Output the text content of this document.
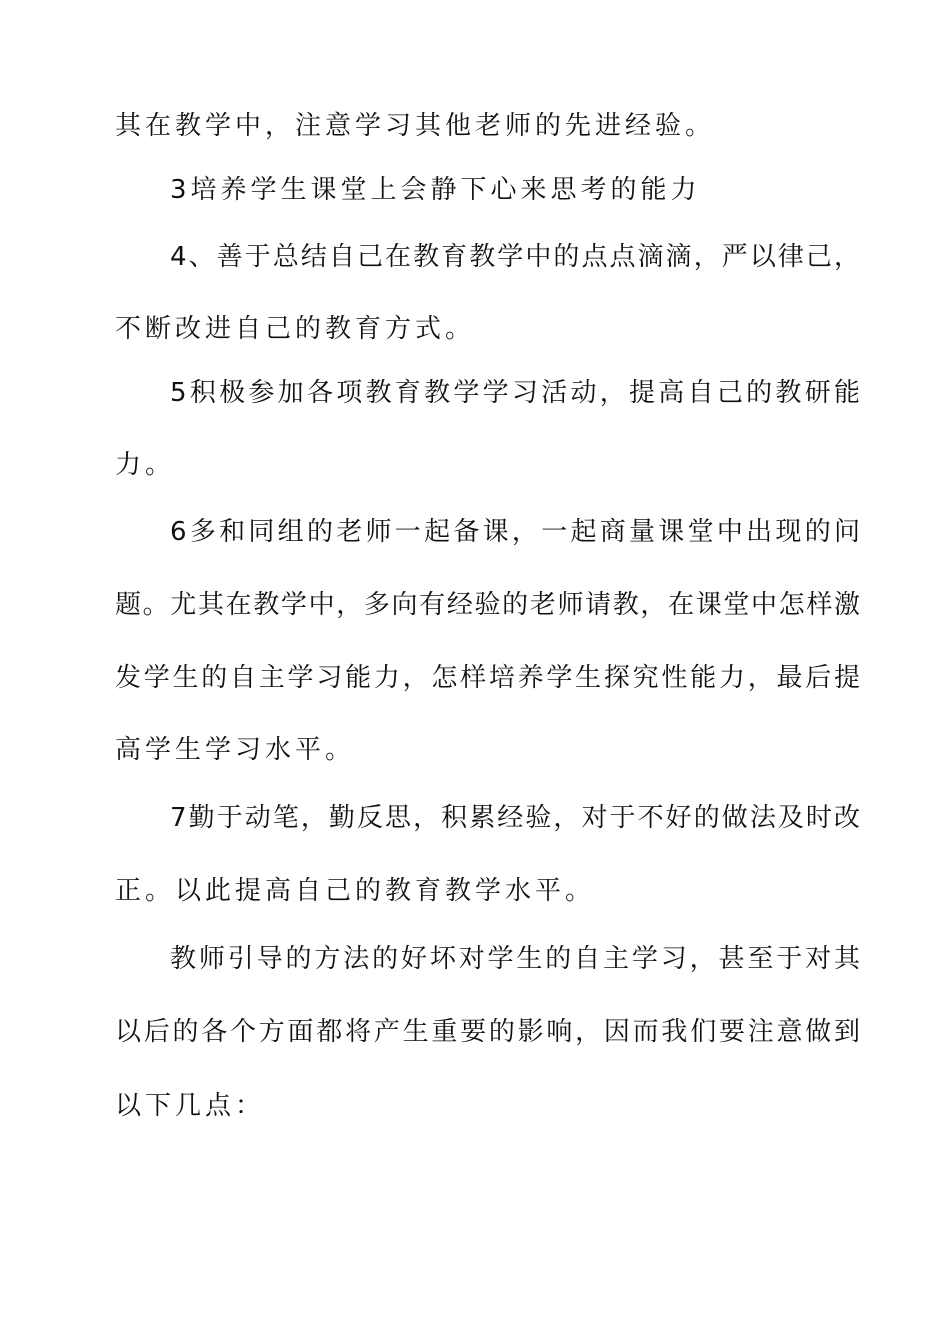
其在教学中，注意学习其他老师的先进经验。
3培养学生课堂上会静下心来思考的能力
4、善于总结自己在教育教学中的点点滴滴，严以律己，
不断改进自己的教育方式。
5积极参加各项教育教学学习活动，提高自己的教研能
力。
6多和同组的老师一起备课，一起商量课堂中出现的问
题。尤其在教学中，多向有经验的老师请教，在课堂中怎样激
发学生的自主学习能力，怎样培养学生探究性能力，最后提
高学生学习水平。
7勤于动笔，勤反思，积累经验，对于不好的做法及时改
正。以此提高自己的教育教学水平。
教师引导的方法的好坏对学生的自主学习，甚至于对其
以后的各个方面都将产生重要的影响，因而我们要注意做到
以下几点：
